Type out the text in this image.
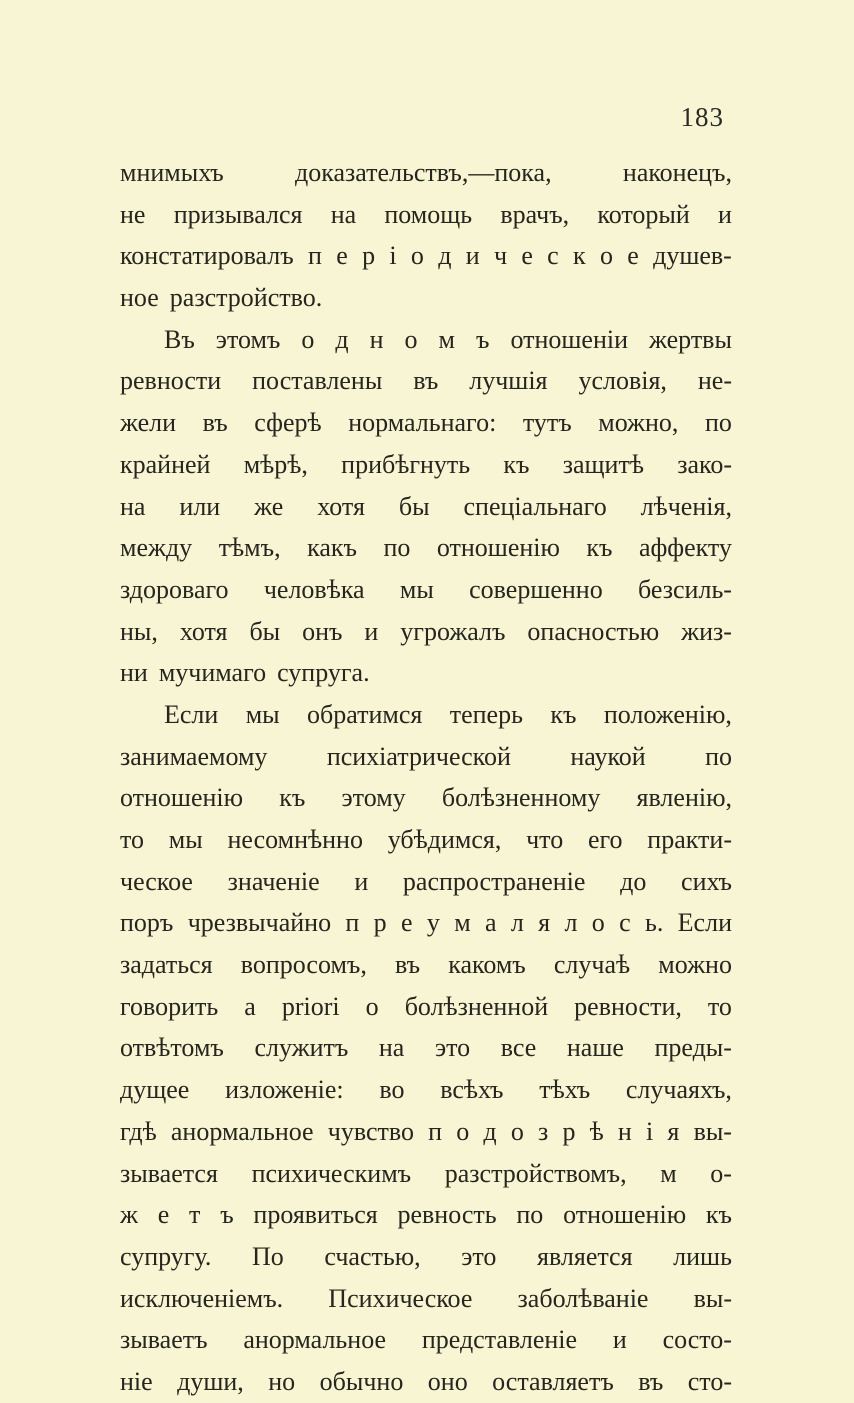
183
мнимыхъ	доказательствъ,—пока,	наконецъ,
не призывался на помощь врачъ, который и
констатировалъ п е р і о д и ч е с к о е душев-
ное разстройство.
Въ этомъ о д н о м ъ отношеніи жертвы
ревности поставлены въ лучшія условія, не-
жели въ сферѣ нормальнаго: тутъ можно, по
крайней мѣрѣ, прибѣгнуть къ защитѣ зако-
на или же хотя бы спеціальнаго лѣченія,
между тѣмъ, какъ по отношенію къ аффекту
здороваго человѣка мы совершенно безсиль-
ны, хотя бы онъ и угрожалъ опасностью жиз-
ни мучимаго супруга.
Если мы обратимся теперь къ положенію,
занимаемому психіатрической наукой по
отношенію къ этому болѣзненному явленію,
то мы несомнѣнно убѣдимся, что его практи-
ческое значеніе и распространеніе до сихъ
поръ чрезвычайно п р е у м а л я л о с ь. Если
задаться вопросомъ, въ какомъ случаѣ можно
говорить а priori о болѣзненной ревности, то
отвѣтомъ служитъ на это все наше преды-
дущее изложеніе: во всѣхъ тѣхъ случаяхъ,
гдѣ анормальное чувство п о д о з р ѣ н і я вы-
зывается психическимъ разстройствомъ, м о-
ж е т ъ проявиться ревность по отношенію къ
супругу. По счастью, это является лишь
исключеніемъ. Психическое заболѣваніе вы-
зываетъ анормальное представленіе и состо-
ніе души, но обычно оно оставляетъ въ сто-
